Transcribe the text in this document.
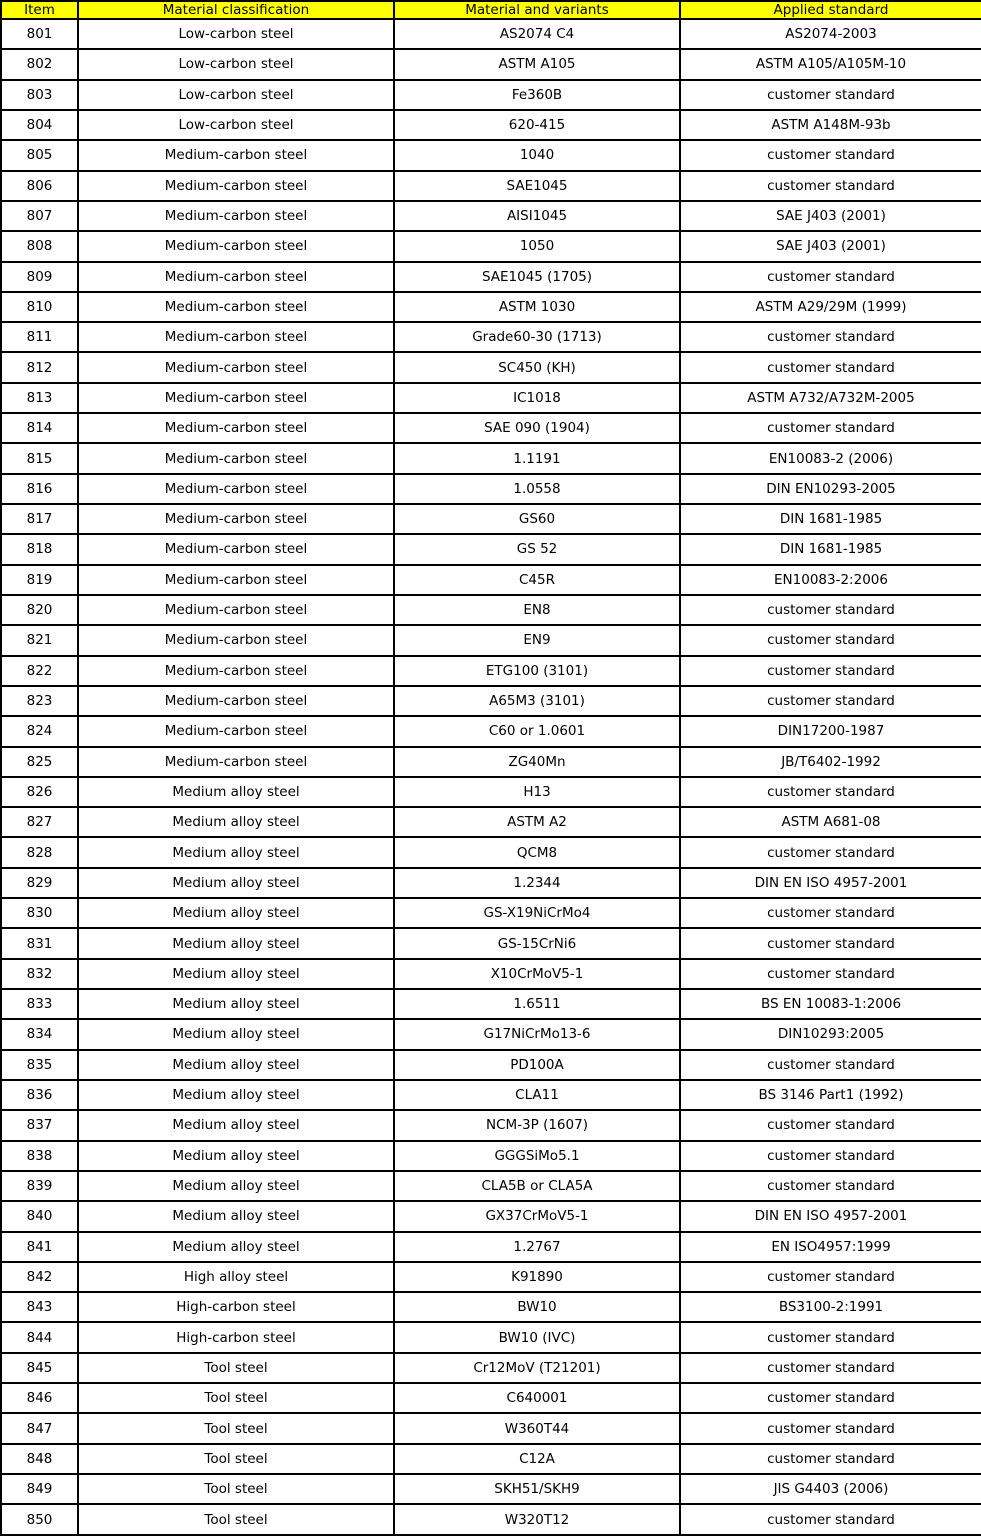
Item	Material classification	Material and variants	Applied standard
801	Low-carbon steel	AS2074 C4	AS2074-2003
802	Low-carbon steel	ASTM A105	ASTM A105/A105M-10
803	Low-carbon steel	Fe360B	customer standard
804	Low-carbon steel	620-415	ASTM A148M-93b
805	Medium-carbon steel	1040	customer standard
806	Medium-carbon steel	SAE1045	customer standard
807	Medium-carbon steel	AISI1045	SAE J403 (2001)
808	Medium-carbon steel	1050	SAE J403 (2001)
809	Medium-carbon steel	SAE1045 (1705)	customer standard
810	Medium-carbon steel	ASTM 1030	ASTM A29/29M (1999)
811	Medium-carbon steel	Grade60-30 (1713)	customer standard
812	Medium-carbon steel	SC450 (KH)	customer standard
813	Medium-carbon steel	IC1018	ASTM A732/A732M-2005
814	Medium-carbon steel	SAE 090 (1904)	customer standard
815	Medium-carbon steel	1.1191	EN10083-2 (2006)
816	Medium-carbon steel	1.0558	DIN EN10293-2005
817	Medium-carbon steel	GS60	DIN 1681-1985
818	Medium-carbon steel	GS 52	DIN 1681-1985
819	Medium-carbon steel	C45R	EN10083-2:2006
820	Medium-carbon steel	EN8	customer standard
821	Medium-carbon steel	EN9	customer standard
822	Medium-carbon steel	ETG100 (3101)	customer standard
823	Medium-carbon steel	A65M3 (3101)	customer standard
824	Medium-carbon steel	C60 or 1.0601	DIN17200-1987
825	Medium-carbon steel	ZG40Mn	JB/T6402-1992
826	Medium alloy steel	H13	customer standard
827	Medium alloy steel	ASTM A2	ASTM A681-08
828	Medium alloy steel	QCM8	customer standard
829	Medium alloy steel	1.2344	DIN EN ISO 4957-2001
830	Medium alloy steel	GS-X19NiCrMo4	customer standard
831	Medium alloy steel	GS-15CrNi6	customer standard
832	Medium alloy steel	X10CrMoV5-1	customer standard
833	Medium alloy steel	1.6511	BS EN 10083-1:2006
834	Medium alloy steel	G17NiCrMo13-6	DIN10293:2005
835	Medium alloy steel	PD100A	customer standard
836	Medium alloy steel	CLA11	BS 3146 Part1 (1992)
837	Medium alloy steel	NCM-3P (1607)	customer standard
838	Medium alloy steel	GGGSiMo5.1	customer standard
839	Medium alloy steel	CLA5B or CLA5A	customer standard
840	Medium alloy steel	GX37CrMoV5-1	DIN EN ISO 4957-2001
841	Medium alloy steel	1.2767	EN ISO4957:1999
842	High alloy steel	K91890	customer standard
843	High-carbon steel	BW10	BS3100-2:1991
844	High-carbon steel	BW10 (IVC)	customer standard
845	Tool steel	Cr12MoV (T21201)	customer standard
846	Tool steel	C640001	customer standard
847	Tool steel	W360T44	customer standard
848	Tool steel	C12A	customer standard
849	Tool steel	SKH51/SKH9	JIS G4403 (2006)
850	Tool steel	W320T12	customer standard
